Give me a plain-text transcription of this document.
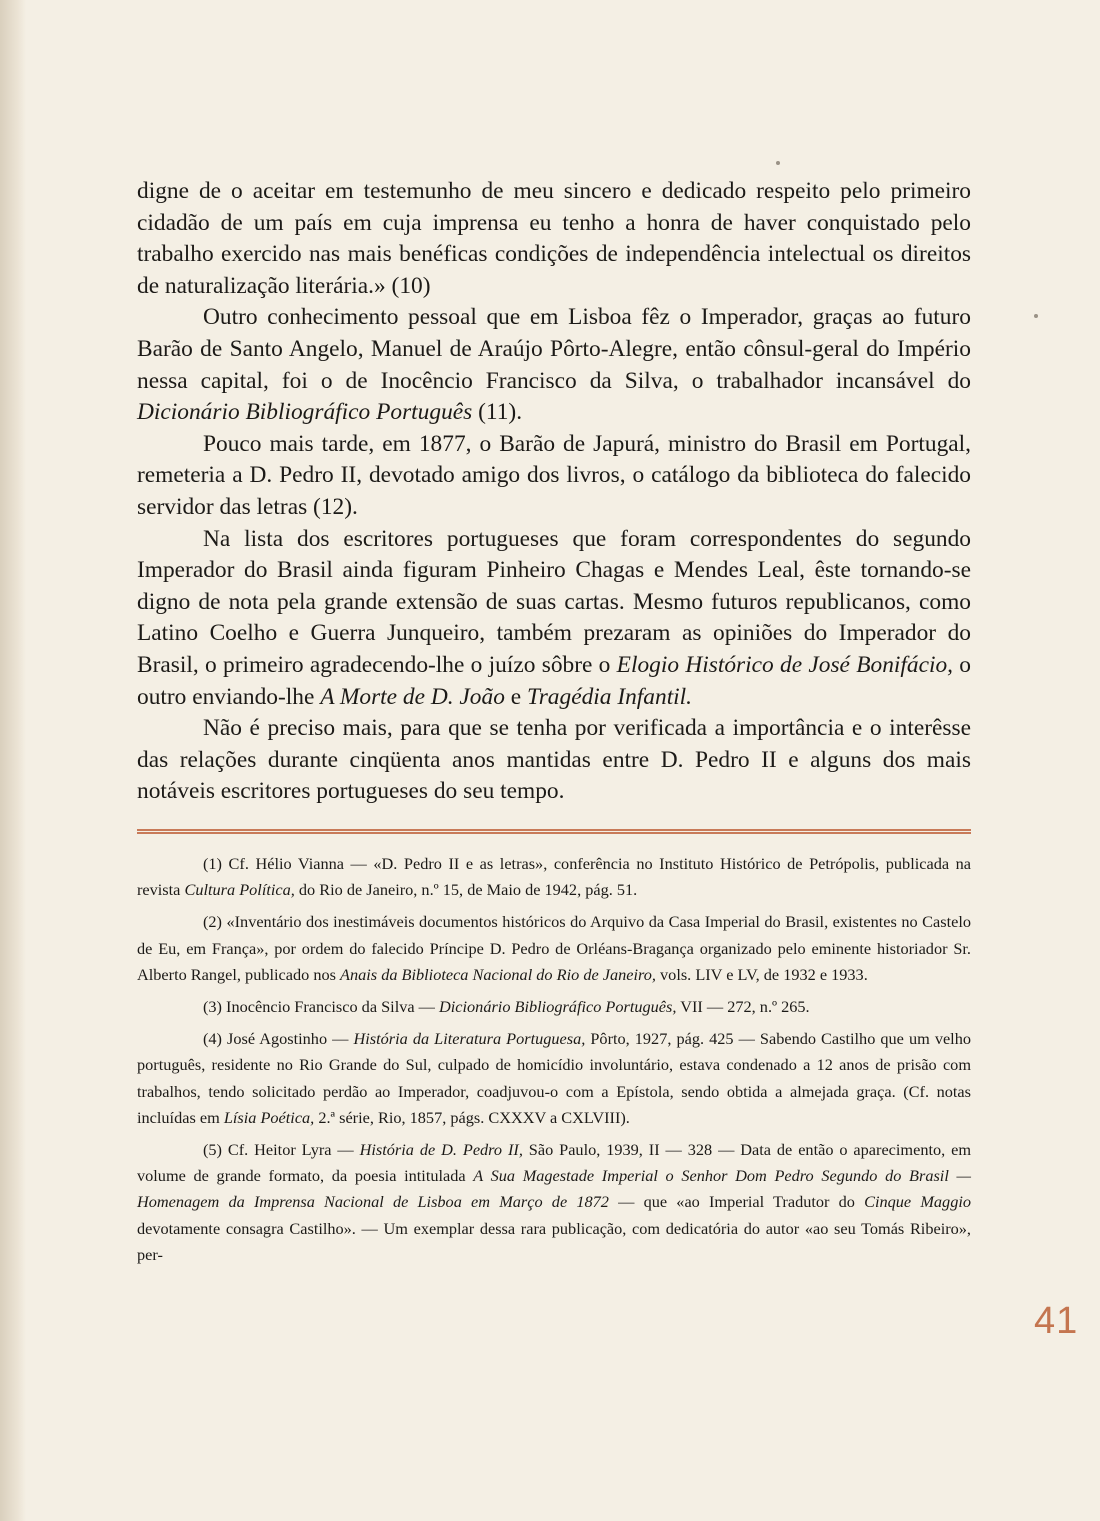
digne de o aceitar em testemunho de meu sincero e dedicado respeito pelo primeiro cidadão de um país em cuja imprensa eu tenho a honra de haver conquistado pelo trabalho exercido nas mais benéficas condições de independência intelectual os direitos de naturalização literária.» (10)

Outro conhecimento pessoal que em Lisboa fêz o Imperador, graças ao futuro Barão de Santo Angelo, Manuel de Araújo Pôrto-Alegre, então cônsul-geral do Império nessa capital, foi o de Inocêncio Francisco da Silva, o trabalhador incansável do Dicionário Bibliográfico Português (11).

Pouco mais tarde, em 1877, o Barão de Japurá, ministro do Brasil em Portugal, remeteria a D. Pedro II, devotado amigo dos livros, o catálogo da biblioteca do falecido servidor das letras (12).

Na lista dos escritores portugueses que foram correspondentes do segundo Imperador do Brasil ainda figuram Pinheiro Chagas e Mendes Leal, êste tornando-se digno de nota pela grande extensão de suas cartas. Mesmo futuros republicanos, como Latino Coelho e Guerra Junqueiro, também prezaram as opiniões do Imperador do Brasil, o primeiro agradecendo-lhe o juízo sôbre o Elogio Histórico de José Bonifácio, o outro enviando-lhe A Morte de D. João e Tragédia Infantil.

Não é preciso mais, para que se tenha por verificada a importância e o interêsse das relações durante cinqüenta anos mantidas entre D. Pedro II e alguns dos mais notáveis escritores portugueses do seu tempo.

(1) Cf. Hélio Vianna — «D. Pedro II e as letras», conferência no Instituto Histórico de Petrópolis, publicada na revista Cultura Política, do Rio de Janeiro, n.º 15, de Maio de 1942, pág. 51.

(2) «Inventário dos inestimáveis documentos históricos do Arquivo da Casa Imperial do Brasil, existentes no Castelo de Eu, em França», por ordem do falecido Príncipe D. Pedro de Orléans-Bragança organizado pelo eminente historiador Sr. Alberto Rangel, publicado nos Anais da Biblioteca Nacional do Rio de Janeiro, vols. LIV e LV, de 1932 e 1933.

(3) Inocêncio Francisco da Silva — Dicionário Bibliográfico Português, VII — 272, n.º 265.

(4) José Agostinho — História da Literatura Portuguesa, Pôrto, 1927, pág. 425 — Sabendo Castilho que um velho português, residente no Rio Grande do Sul, culpado de homicídio involuntário, estava condenado a 12 anos de prisão com trabalhos, tendo solicitado perdão ao Imperador, coadjuvou-o com a Epístola, sendo obtida a almejada graça. (Cf. notas incluídas em Lísia Poética, 2.ª série, Rio, 1857, págs. CXXXV a CXLVIII).

(5) Cf. Heitor Lyra — História de D. Pedro II, São Paulo, 1939, II — 328 — Data de então o aparecimento, em volume de grande formato, da poesia intitulada A Sua Magestade Imperial o Senhor Dom Pedro Segundo do Brasil —Homenagem da Imprensa Nacional de Lisboa em Março de 1872 — que «ao Imperial Tradutor do Cinque Maggio devotamente consagra Castilho». — Um exemplar dessa rara publicação, com dedicatória do autor «ao seu Tomás Ribeiro», per-

41
